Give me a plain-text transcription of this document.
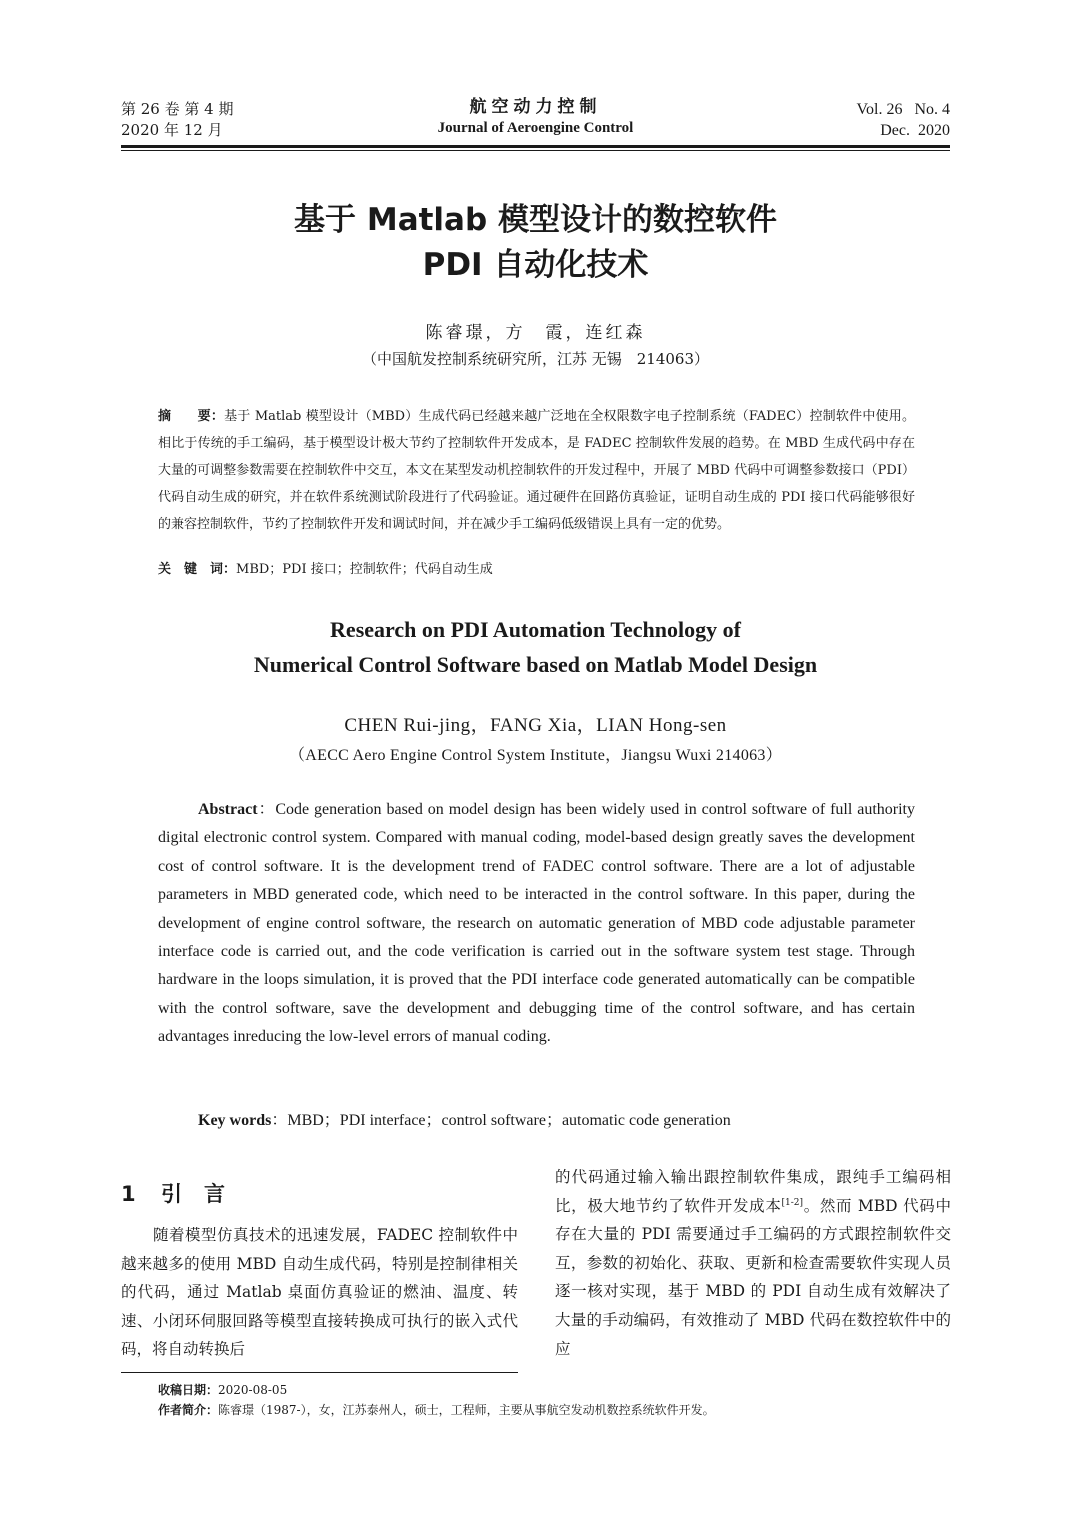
第 26 卷 第 4 期
2020 年 12 月
航空动力控制
Journal of Aeroengine Control
Vol. 26   No. 4
Dec.  2020
基于 Matlab 模型设计的数控软件
PDI 自动化技术
陈睿璟，方　霞，连红森
（中国航发控制系统研究所，江苏 无锡　214063）
摘　　要：基于 Matlab 模型设计（MBD）生成代码已经越来越广泛地在全权限数字电子控制系统（FADEC）控制软件中使用。相比于传统的手工编码，基于模型设计极大节约了控制软件开发成本，是 FADEC 控制软件发展的趋势。在 MBD 生成代码中存在大量的可调整参数需要在控制软件中交互，本文在某型发动机控制软件的开发过程中，开展了 MBD 代码中可调整参数接口（PDI）代码自动生成的研究，并在软件系统测试阶段进行了代码验证。通过硬件在回路仿真验证，证明自动生成的 PDI 接口代码能够很好的兼容控制软件，节约了控制软件开发和调试时间，并在减少手工编码低级错误上具有一定的优势。
关　键　词：MBD；PDI 接口；控制软件；代码自动生成
Research on PDI Automation Technology of
Numerical Control Software based on Matlab Model Design
CHEN Rui-jing，FANG Xia，LIAN Hong-sen
（AECC Aero Engine Control System Institute，Jiangsu Wuxi 214063）

Abstract：Code generation based on model design has been widely used in control software of full authority digital electronic control system. Compared with manual coding, model-based design greatly saves the development cost of control software. It is the development trend of FADEC control software. There are a lot of adjustable parameters in MBD generated code, which need to be interacted in the control software. In this paper, during the development of engine control software, the research on automatic generation of MBD code adjustable parameter interface code is carried out, and the code verification is carried out in the software system test stage. Through hardware in the loops simulation, it is proved that the PDI interface code generated automatically can be compatible with the control software, save the development and debugging time of the control software, and has certain advantages inreducing the low-level errors of manual coding.

Key words：MBD；PDI interface；control software；automatic code generation
1 引言

随着模型仿真技术的迅速发展，FADEC 控制软件中越来越多的使用 MBD 自动生成代码，特别是控制律相关的代码，通过 Matlab 桌面仿真验证的燃油、温度、转速、小闭环伺服回路等模型直接转换成可执行的嵌入式代码，将自动转换后

的代码通过输入输出跟控制软件集成，跟纯手工编码相比，极大地节约了软件开发成本[1-2]。然而 MBD 代码中存在大量的 PDI 需要通过手工编码的方式跟控制软件交互，参数的初始化、获取、更新和检查需要软件实现人员逐一核对实现，基于 MBD 的 PDI 自动生成有效解决了大量的手动编码，有效推动了 MBD 代码在数控软件中的应

收稿日期：2020-08-05
作者简介：陈睿璟（1987-），女，江苏泰州人，硕士，工程师，主要从事航空发动机数控系统软件开发。
